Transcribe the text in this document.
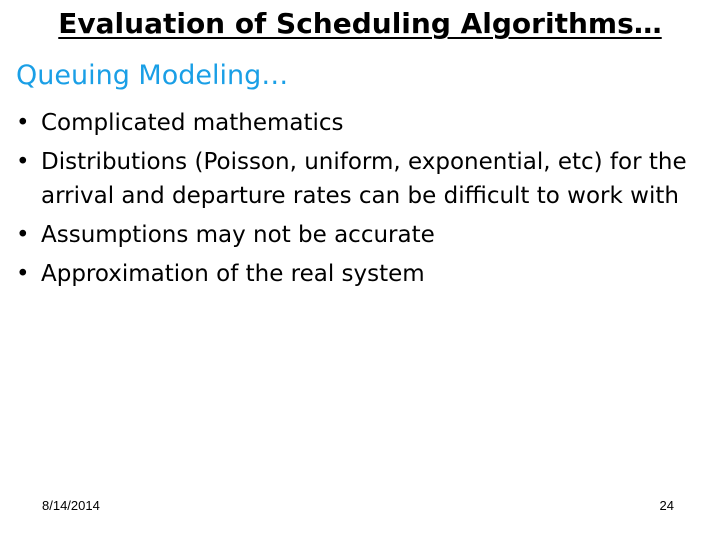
Evaluation of Scheduling Algorithms…
Queuing Modeling…
• Complicated mathematics
• Distributions (Poisson, uniform, exponential, etc) for the arrival and departure rates can be difficult to work with
• Assumptions may not be accurate
• Approximation of the real system
8/14/2014	24
